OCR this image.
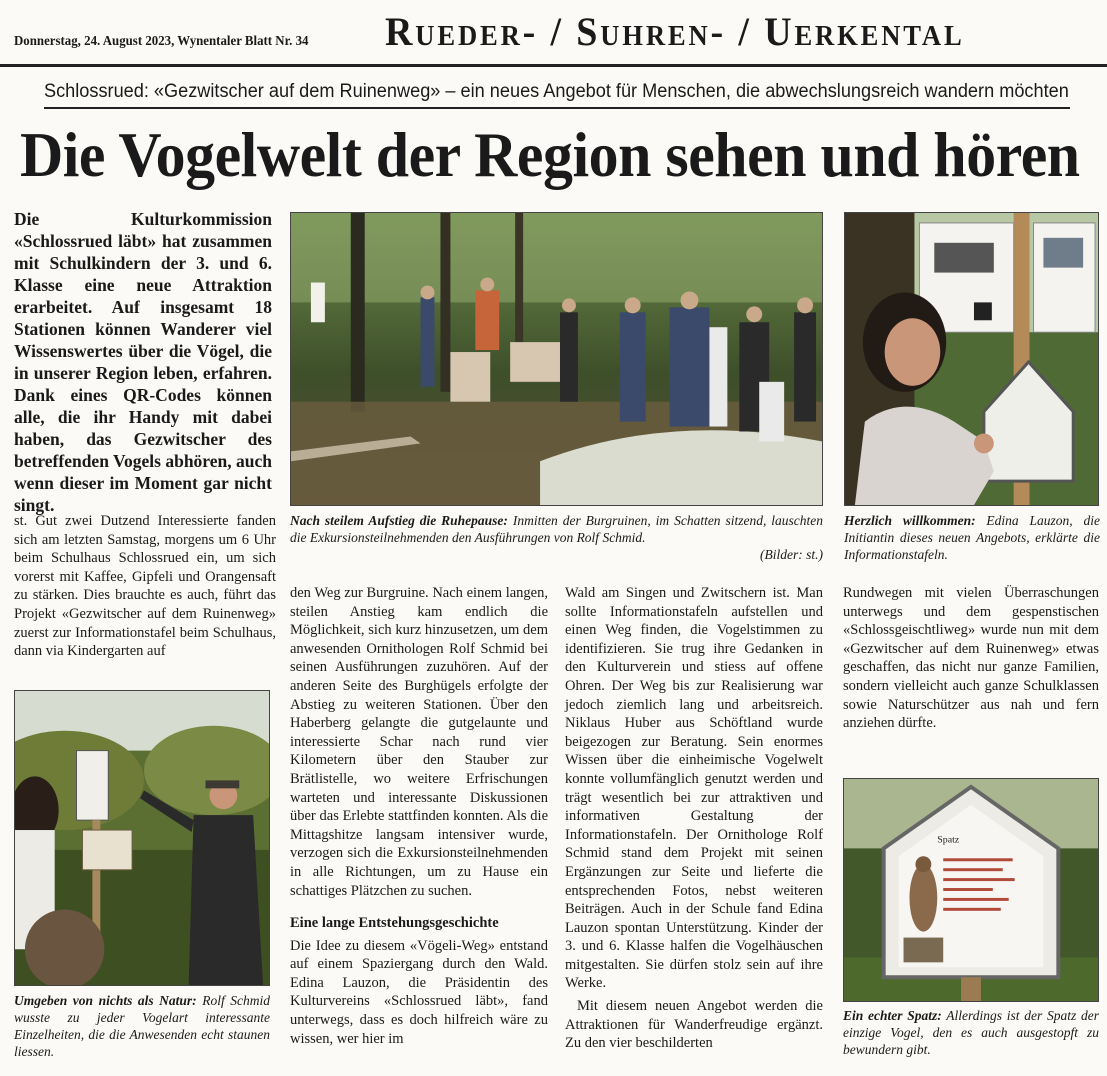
Donnerstag, 24. August 2023, Wynentaler Blatt Nr. 34 Rueder- / Suhren- / Uerkental
Schlossrued: «Gezwitscher auf dem Ruinenweg» – ein neues Angebot für Menschen, die abwechslungsreich wandern möchten
Die Vogelwelt der Region sehen und hören
Die Kulturkommission «Schlossrued läbt» hat zusammen mit Schulkindern der 3. und 6. Klasse eine neue Attraktion erarbeitet. Auf insgesamt 18 Stationen können Wanderer viel Wissenswertes über die Vögel, die in unserer Region leben, erfahren. Dank eines QR-Codes können alle, die ihr Handy mit dabei haben, das Gezwitscher des betreffenden Vogels abhören, auch wenn dieser im Moment gar nicht singt.

st. Gut zwei Dutzend Interessierte fanden sich am letzten Samstag, morgens um 6 Uhr beim Schulhaus Schlossrued ein, um sich vorerst mit Kaffee, Gipfeli und Orangensaft zu stärken. Dies brauchte es auch, führt das Projekt «Gezwitscher auf dem Ruinenweg» zuerst zur Informationstafel beim Schulhaus, dann via Kindergarten auf

Nach steilem Aufstieg die Ruhepause: Inmitten der Burgruinen, im Schatten sitzend, lauschten die Exkursionsteilnehmenden den Ausführungen von Rolf Schmid.
(Bilder: st.)
Herzlich willkommen: Edina Lauzon, die Initiantin dieses neuen Angebots, erklärte die Informationstafeln.
Umgeben von nichts als Natur: Rolf Schmid wusste zu jeder Vogelart interessante Einzelheiten, die die Anwesenden echt staunen liessen.

den Weg zur Burgruine. Nach einem langen, steilen Anstieg kam endlich die Möglichkeit, sich kurz hinzusetzen, um dem anwesenden Ornithologen Rolf Schmid bei seinen Ausführungen zuzuhören. Auf der anderen Seite des Burghügels erfolgte der Abstieg zu weiteren Stationen. Über den Haberberg gelangte die gutgelaunte und interessierte Schar nach rund vier Kilometern über den Stauber zur Brätlistelle, wo weitere Erfrischungen warteten und interessante Diskussionen über das Erlebte stattfinden konnten. Als die Mittagshitze langsam intensiver wurde, verzogen sich die Exkursionsteilnehmenden in alle Richtungen, um zu Hause ein schattiges Plätzchen zu suchen.

Eine lange Entstehungsgeschichte

Die Idee zu diesem «Vögeli-Weg» entstand auf einem Spaziergang durch den Wald. Edina Lauzon, die Präsidentin des Kulturvereins «Schlossrued läbt», fand unterwegs, dass es doch hilfreich wäre zu wissen, wer hier im

Wald am Singen und Zwitschern ist. Man sollte Informationstafeln aufstellen und einen Weg finden, die Vogelstimmen zu identifizieren. Sie trug ihre Gedanken in den Kulturverein und stiess auf offene Ohren. Der Weg bis zur Realisierung war jedoch ziemlich lang und arbeitsreich. Niklaus Huber aus Schöftland wurde beigezogen zur Beratung. Sein enormes Wissen über die einheimische Vogelwelt konnte vollumfänglich genutzt werden und trägt wesentlich bei zur attraktiven und informativen Gestaltung der Informationstafeln. Der Ornithologe Rolf Schmid stand dem Projekt mit seinen Ergänzungen zur Seite und lieferte die entsprechenden Fotos, nebst weiteren Beiträgen. Auch in der Schule fand Edina Lauzon spontan Unterstützung. Kinder der 3. und 6. Klasse halfen die Vogelhäuschen mitgestalten. Sie dürfen stolz sein auf ihre Werke.

Mit diesem neuen Angebot werden die Attraktionen für Wanderfreudige ergänzt. Zu den vier beschilderten

Rundwegen mit vielen Überraschungen unterwegs und dem gespenstischen «Schlossgeischtliweg» wurde nun mit dem «Gezwitscher auf dem Ruinenweg» etwas geschaffen, das nicht nur ganze Familien, sondern vielleicht auch ganze Schulklassen sowie Naturschützer aus nah und fern anziehen dürfte.

Spatz
Ein echter Spatz: Allerdings ist der Spatz der einzige Vogel, den es auch ausgestopft zu bewundern gibt.
